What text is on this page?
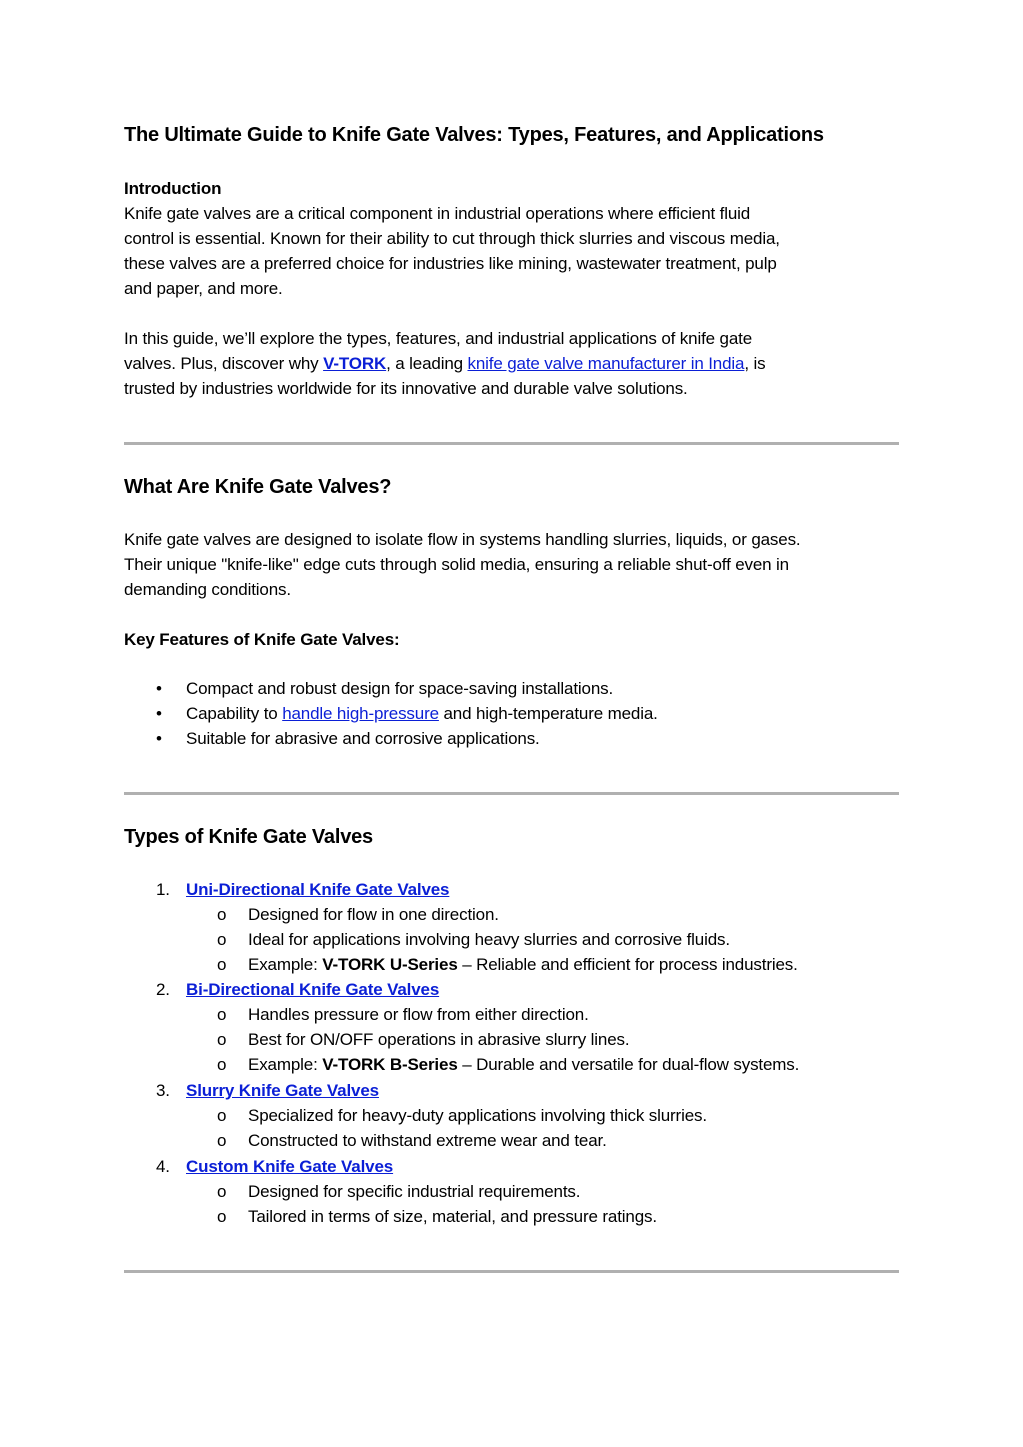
The Ultimate Guide to Knife Gate Valves: Types, Features, and Applications
Introduction
Knife gate valves are a critical component in industrial operations where efficient fluid
control is essential. Known for their ability to cut through thick slurries and viscous media,
these valves are a preferred choice for industries like mining, wastewater treatment, pulp
and paper, and more.
In this guide, we’ll explore the types, features, and industrial applications of knife gate
valves. Plus, discover why V-TORK, a leading knife gate valve manufacturer in India, is
trusted by industries worldwide for its innovative and durable valve solutions.
What Are Knife Gate Valves?
Knife gate valves are designed to isolate flow in systems handling slurries, liquids, or gases.
Their unique "knife-like" edge cuts through solid media, ensuring a reliable shut-off even in
demanding conditions.
Key Features of Knife Gate Valves:
• Compact and robust design for space-saving installations.
• Capability to handle high-pressure and high-temperature media.
• Suitable for abrasive and corrosive applications.
Types of Knife Gate Valves
1. Uni-Directional Knife Gate Valves
o Designed for flow in one direction.
o Ideal for applications involving heavy slurries and corrosive fluids.
o Example: V-TORK U-Series – Reliable and efficient for process industries.
2. Bi-Directional Knife Gate Valves
o Handles pressure or flow from either direction.
o Best for ON/OFF operations in abrasive slurry lines.
o Example: V-TORK B-Series – Durable and versatile for dual-flow systems.
3. Slurry Knife Gate Valves
o Specialized for heavy-duty applications involving thick slurries.
o Constructed to withstand extreme wear and tear.
4. Custom Knife Gate Valves
o Designed for specific industrial requirements.
o Tailored in terms of size, material, and pressure ratings.
